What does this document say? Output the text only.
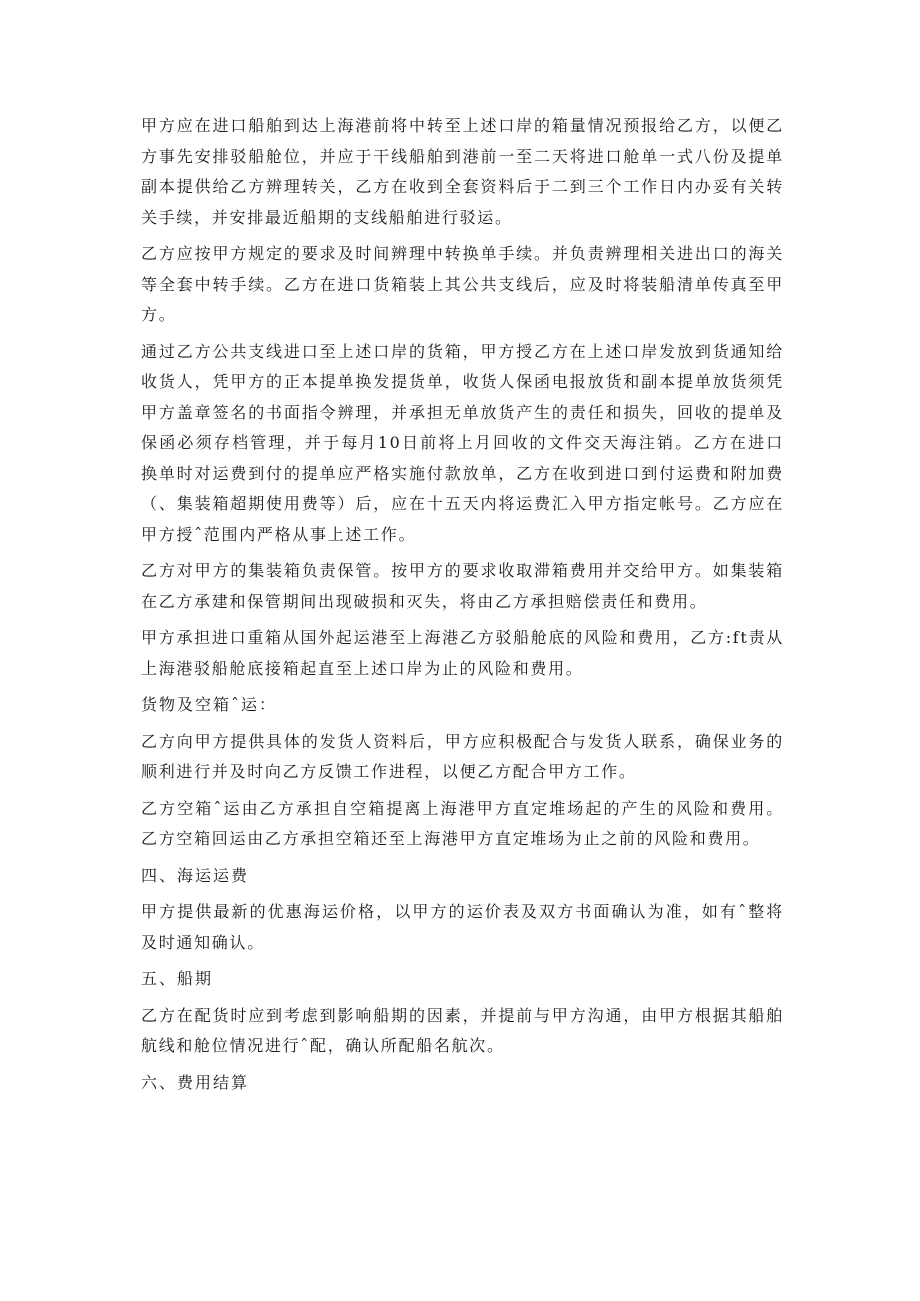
甲方应在进口船舶到达上海港前将中转至上述口岸的箱量情况预报给乙方，以便乙方事先安排驳船舱位，并应于干线船舶到港前一至二天将进口舱单一式八份及提单副本提供给乙方辨理转关，乙方在收到全套资料后于二到三个工作日内办妥有关转关手续，并安排最近船期的支线船舶进行驳运。

乙方应按甲方规定的要求及时间辨理中转换单手续。并负责辨理相关进出口的海关等全套中转手续。乙方在进口货箱装上其公共支线后，应及时将装船清单传真至甲方。

通过乙方公共支线进口至上述口岸的货箱，甲方授乙方在上述口岸发放到货通知给收货人，凭甲方的正本提单换发提货单，收货人保函电报放货和副本提单放货须凭甲方盖章签名的书面指令辨理，并承担无单放货产生的责任和损失，回收的提单及保函必须存档管理，并于每月10日前将上月回收的文件交天海注销。乙方在进口换单时对运费到付的提单应严格实施付款放单，乙方在收到进口到付运费和附加费（、集装箱超期使用费等）后，应在十五天内将运费汇入甲方指定帐号。乙方应在甲方授ˆ范围内严格从事上述工作。

乙方对甲方的集装箱负责保管。按甲方的要求收取滞箱费用并交给甲方。如集装箱在乙方承建和保管期间出现破损和灭失，将由乙方承担赔偿责任和费用。

甲方承担进口重箱从国外起运港至上海港乙方驳船舱底的风险和费用，乙方:ft责从上海港驳船舱底接箱起直至上述口岸为止的风险和费用。

货物及空箱ˆ运：

乙方向甲方提供具体的发货人资料后，甲方应积极配合与发货人联系，确保业务的顺利进行并及时向乙方反馈工作进程，以便乙方配合甲方工作。

乙方空箱ˆ运由乙方承担自空箱提离上海港甲方直定堆场起的产生的风险和费用。乙方空箱回运由乙方承担空箱还至上海港甲方直定堆场为止之前的风险和费用。

四、海运运费

甲方提供最新的优惠海运价格，以甲方的运价表及双方书面确认为准，如有ˆ整将及时通知确认。

五、船期

乙方在配货时应到考虑到影响船期的因素，并提前与甲方沟通，由甲方根据其船舶航线和舱位情况进行ˆ配，确认所配船名航次。

六、费用结算
